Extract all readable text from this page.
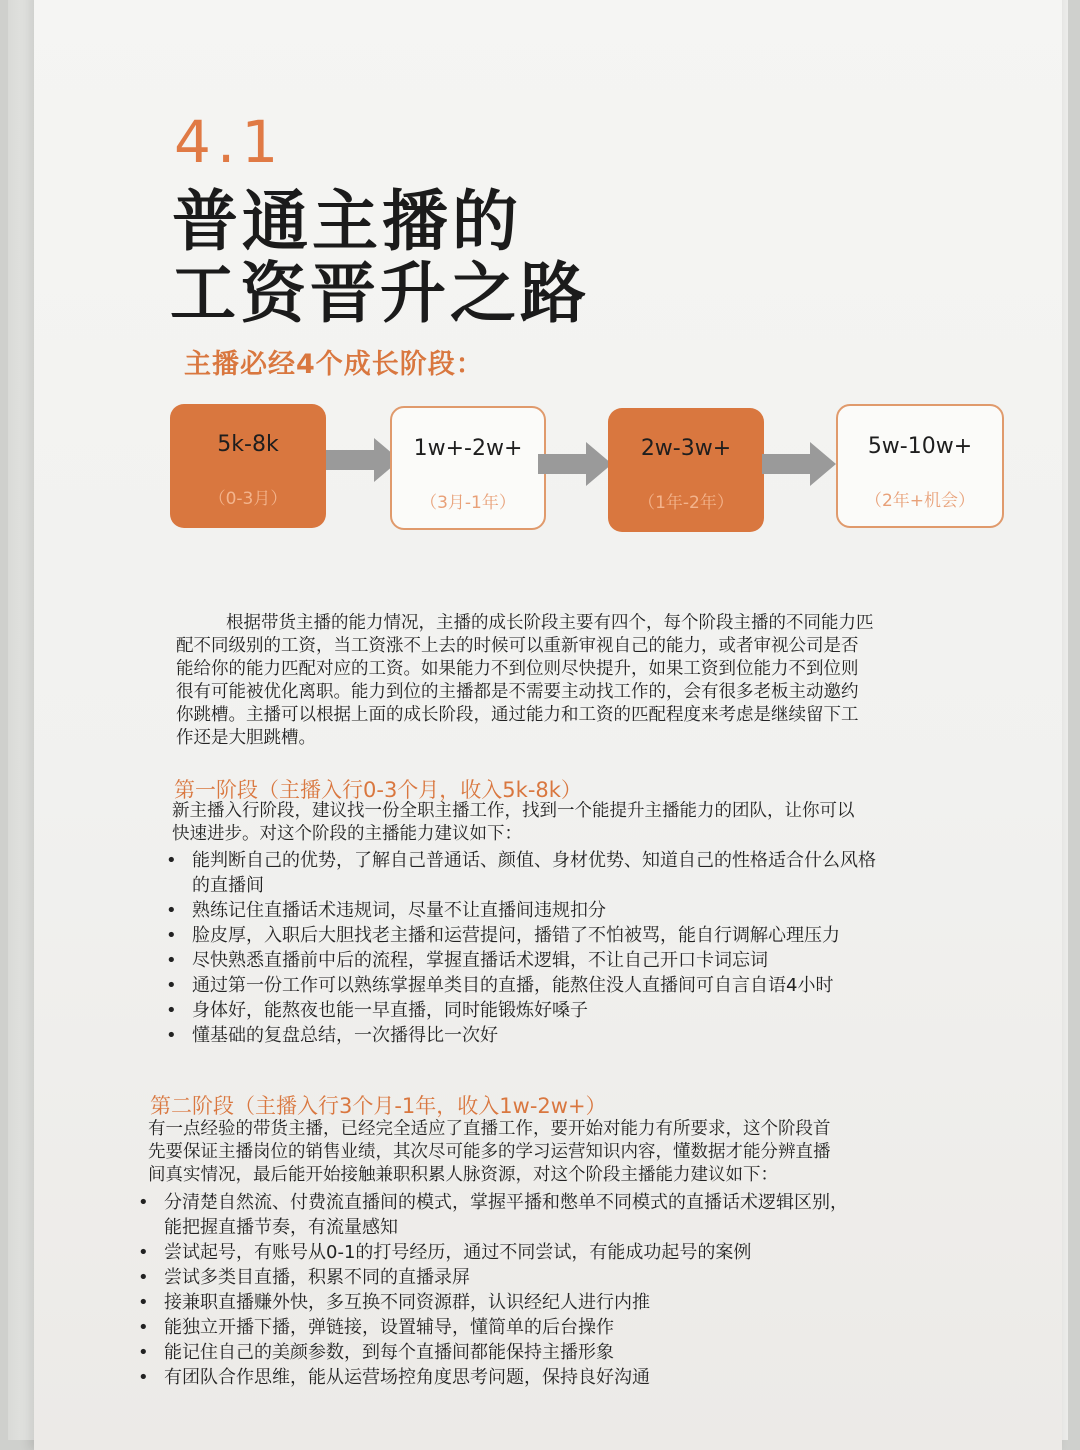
4.1
普通主播的
工资晋升之路
主播必经4个成长阶段：
5k-8k
（0-3月）
1w+-2w+
（3月-1年）
2w-3w+
（1年-2年）
5w-10w+
（2年+机会）
根据带货主播的能力情况，主播的成长阶段主要有四个，每个阶段主播的不同能力匹
配不同级别的工资，当工资涨不上去的时候可以重新审视自己的能力，或者审视公司是否
能给你的能力匹配对应的工资。如果能力不到位则尽快提升，如果工资到位能力不到位则
很有可能被优化离职。能力到位的主播都是不需要主动找工作的，会有很多老板主动邀约
你跳槽。主播可以根据上面的成长阶段，通过能力和工资的匹配程度来考虑是继续留下工
作还是大胆跳槽。
第一阶段（主播入行0-3个月，收入5k-8k）
新主播入行阶段，建议找一份全职主播工作，找到一个能提升主播能力的团队，让你可以
快速进步。对这个阶段的主播能力建议如下：
• 能判断自己的优势，了解自己普通话、颜值、身材优势、知道自己的性格适合什么风格
的直播间
• 熟练记住直播话术违规词，尽量不让直播间违规扣分
• 脸皮厚，入职后大胆找老主播和运营提问，播错了不怕被骂，能自行调解心理压力
• 尽快熟悉直播前中后的流程，掌握直播话术逻辑，不让自己开口卡词忘词
• 通过第一份工作可以熟练掌握单类目的直播，能熬住没人直播间可自言自语4小时
• 身体好，能熬夜也能一早直播，同时能锻炼好嗓子
• 懂基础的复盘总结，一次播得比一次好
第二阶段（主播入行3个月-1年，收入1w-2w+）
有一点经验的带货主播，已经完全适应了直播工作，要开始对能力有所要求，这个阶段首
先要保证主播岗位的销售业绩，其次尽可能多的学习运营知识内容，懂数据才能分辨直播
间真实情况，最后能开始接触兼职积累人脉资源，对这个阶段主播能力建议如下：
• 分清楚自然流、付费流直播间的模式，掌握平播和憋单不同模式的直播话术逻辑区别，
能把握直播节奏，有流量感知
• 尝试起号，有账号从0-1的打号经历，通过不同尝试，有能成功起号的案例
• 尝试多类目直播，积累不同的直播录屏
• 接兼职直播赚外快，多互换不同资源群，认识经纪人进行内推
• 能独立开播下播，弹链接，设置辅导，懂简单的后台操作
• 能记住自己的美颜参数，到每个直播间都能保持主播形象
• 有团队合作思维，能从运营场控角度思考问题，保持良好沟通
